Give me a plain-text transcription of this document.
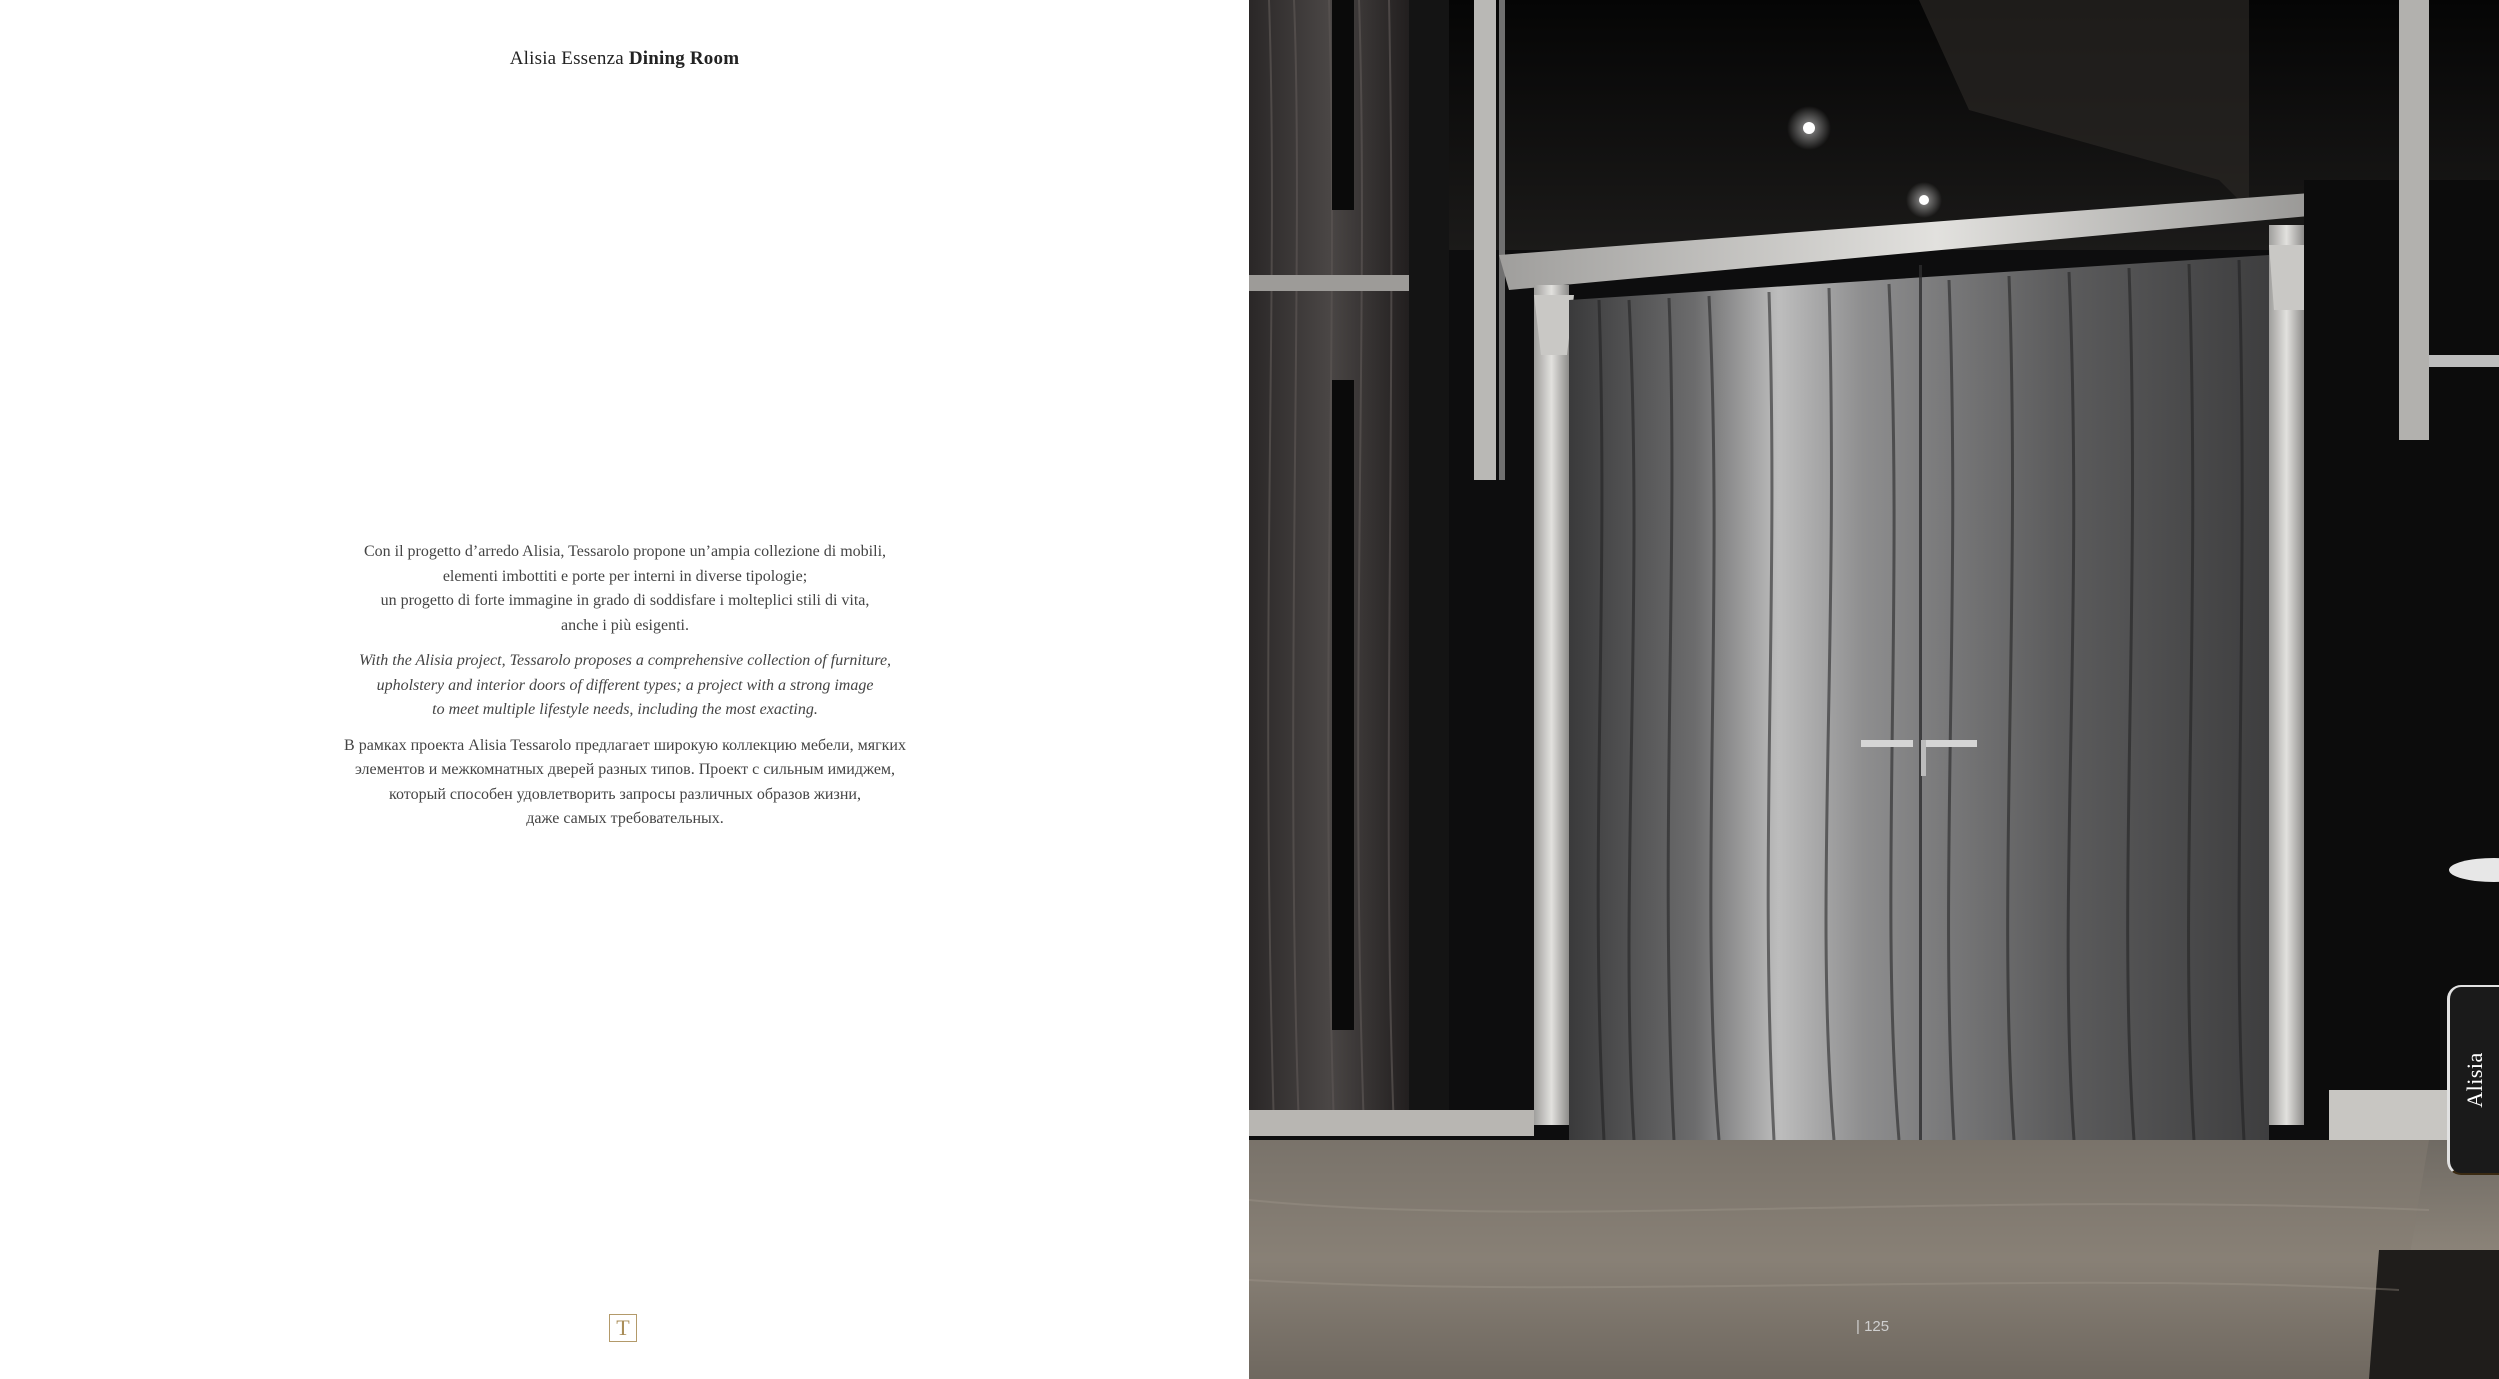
Alisia Essenza Dining Room

Con il progetto d’arredo Alisia, Tessarolo propone un’ampia collezione di mobili,
elementi imbottiti e porte per interni in diverse tipologie;
un progetto di forte immagine in grado di soddisfare i molteplici stili di vita,
anche i più esigenti.

With the Alisia project, Tessarolo proposes a comprehensive collection of furniture,
upholstery and interior doors of different types; a project with a strong image
to meet multiple lifestyle needs, including the most exacting.

В рамках проекта Alisia Tessarolo предлагает широкую коллекцию мебели, мягких
элементов и межкомнатных дверей разных типов. Проект с сильным имиджем,
который способен удовлетворить запросы различных образов жизни,
даже самых требовательных.

T	| 125
Alisia
